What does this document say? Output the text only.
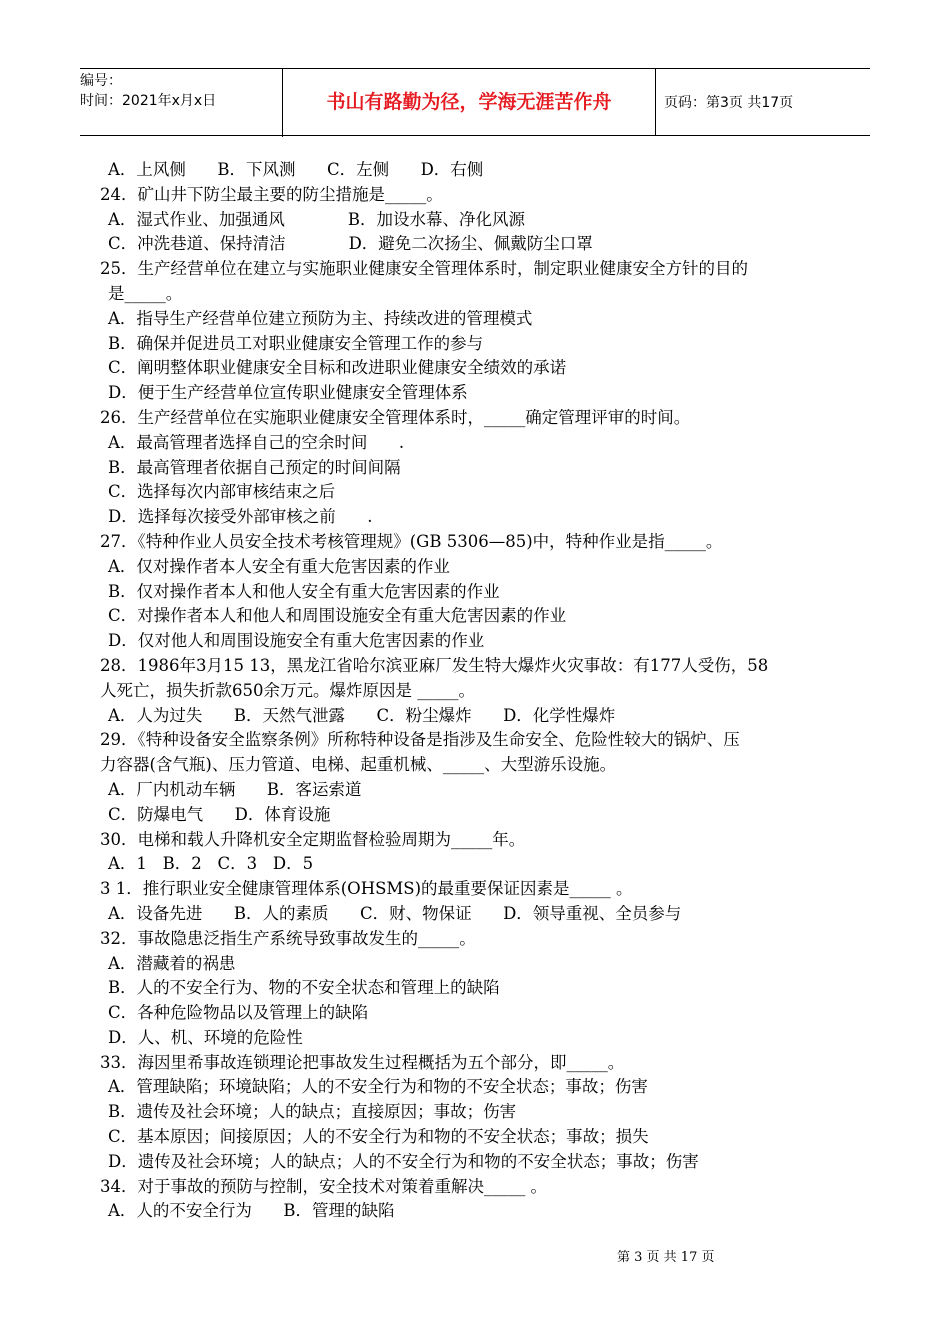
编号：
时间：2021年x月x日	书山有路勤为径，学海无涯苦作舟	页码：第3页 共17页
A．上风侧      B．下风测      C．左侧      D．右侧
24．矿山井下防尘最主要的防尘措施是_____。
A．湿式作业、加强通风            B．加设水幕、净化风源
C．冲洗巷道、保持清洁            D．避免二次扬尘、佩戴防尘口罩
25．生产经营单位在建立与实施职业健康安全管理体系时，制定职业健康安全方针的目的
是_____。
A．指导生产经营单位建立预防为主、持续改进的管理模式
B．确保并促进员工对职业健康安全管理工作的参与
C．阐明整体职业健康安全目标和改进职业健康安全绩效的承诺
D．便于生产经营单位宣传职业健康安全管理体系
26．生产经营单位在实施职业健康安全管理体系时，_____确定管理评审的时间。
A．最高管理者选择自己的空余时间      .
B．最高管理者依据自己预定的时间间隔
C．选择每次内部审核结束之后
D．选择每次接受外部审核之前      .
27．《特种作业人员安全技术考核管理规》(GB 5306—85)中，特种作业是指_____。
A．仅对操作者本人安全有重大危害因素的作业
B．仅对操作者本人和他人安全有重大危害因素的作业
C．对操作者本人和他人和周围设施安全有重大危害因素的作业
D．仅对他人和周围设施安全有重大危害因素的作业
28．1986年3月15 13，黑龙江省哈尔滨亚麻厂发生特大爆炸火灾事故：有177人受伤，58
人死亡，损失折款650余万元。爆炸原因是 _____。
A．人为过失      B．天然气泄露      C．粉尘爆炸      D．化学性爆炸
29．《特种设备安全监察条例》所称特种设备是指涉及生命安全、危险性较大的锅炉、压
力容器(含气瓶)、压力管道、电梯、起重机械、_____、大型游乐设施。
A．厂内机动车辆      B．客运索道
C．防爆电气      D．体育设施
30．电梯和载人升降机安全定期监督检验周期为_____年。
A．1   B．2   C．3   D．5
3 1．推行职业安全健康管理体系(OHSMS)的最重要保证因素是_____ 。
A．设备先进      B．人的素质      C．财、物保证      D．领导重视、全员参与
32．事故隐患泛指生产系统导致事故发生的_____。
A．潜藏着的祸患
B．人的不安全行为、物的不安全状态和管理上的缺陷
C．各种危险物品以及管理上的缺陷
D．人、机、环境的危险性
33．海因里希事故连锁理论把事故发生过程概括为五个部分，即_____。
A．管理缺陷；环境缺陷；人的不安全行为和物的不安全状态；事故；伤害
B．遗传及社会环境；人的缺点；直接原因；事故；伤害
C．基本原因；间接原因；人的不安全行为和物的不安全状态；事故；损失
D．遗传及社会环境；人的缺点；人的不安全行为和物的不安全状态；事故；伤害
34．对于事故的预防与控制，安全技术对策着重解决_____ 。
A．人的不安全行为      B．管理的缺陷
第 3 页 共 17 页
